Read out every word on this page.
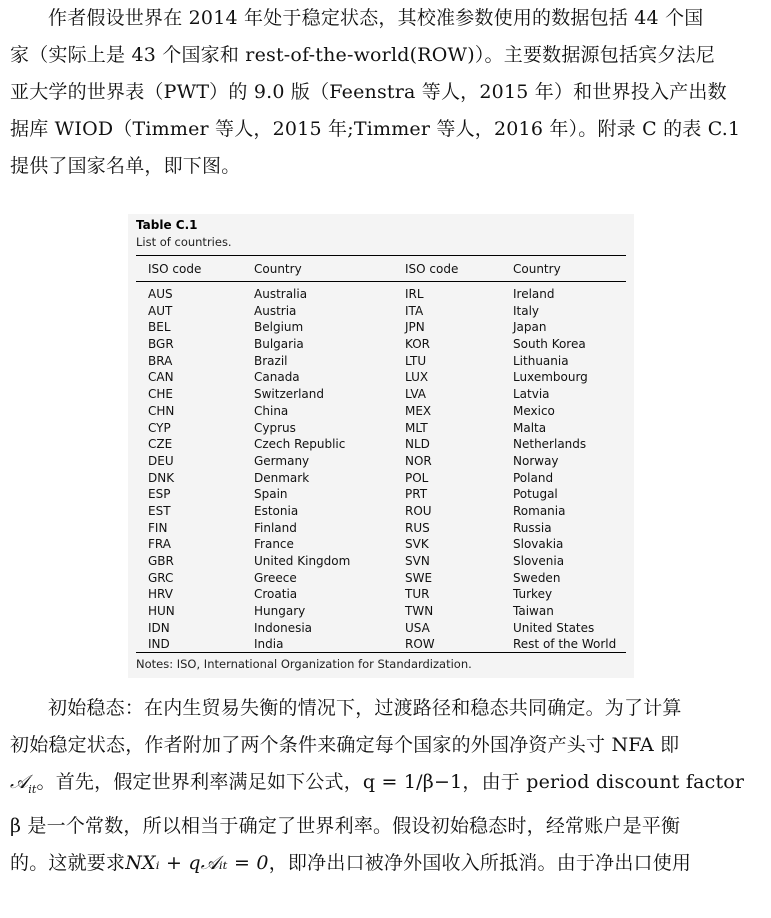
作者假设世界在 2014 年处于稳定状态，其校准参数使用的数据包括 44 个国
家（实际上是 43 个国家和 rest-of-the-world(ROW)）。主要数据源包括宾夕法尼
亚大学的世界表（PWT）的 9.0 版（Feenstra 等人，2015 年）和世界投入产出数
据库 WIOD（Timmer 等人，2015 年;Timmer 等人，2016 年）。附录 C 的表 C.1
提供了国家名单，即下图。
Table C.1
List of countries.
ISO code	Country	ISO code	Country
AUS	Australia	IRL	Ireland
AUT	Austria	ITA	Italy
BEL	Belgium	JPN	Japan
BGR	Bulgaria	KOR	South Korea
BRA	Brazil	LTU	Lithuania
CAN	Canada	LUX	Luxembourg
CHE	Switzerland	LVA	Latvia
CHN	China	MEX	Mexico
CYP	Cyprus	MLT	Malta
CZE	Czech Republic	NLD	Netherlands
DEU	Germany	NOR	Norway
DNK	Denmark	POL	Poland
ESP	Spain	PRT	Potugal
EST	Estonia	ROU	Romania
FIN	Finland	RUS	Russia
FRA	France	SVK	Slovakia
GBR	United Kingdom	SVN	Slovenia
GRC	Greece	SWE	Sweden
HRV	Croatia	TUR	Turkey
HUN	Hungary	TWN	Taiwan
IDN	Indonesia	USA	United States
IND	India	ROW	Rest of the World
Notes: ISO, International Organization for Standardization.
初始稳态：在内生贸易失衡的情况下，过渡路径和稳态共同确定。为了计算
初始稳定状态，作者附加了两个条件来确定每个国家的外国净资产头寸 NFA 即
𝒜$_{it}$。首先，假定世界利率满足如下公式，q = 1/β−1，由于 period discount factor
β 是一个常数，所以相当于确定了世界利率。假设初始稳态时，经常账户是平衡
的。这就要求NXᵢ + q𝒜ᵢₜ = 0，即净出口被净外国收入所抵消。由于净出口使用
